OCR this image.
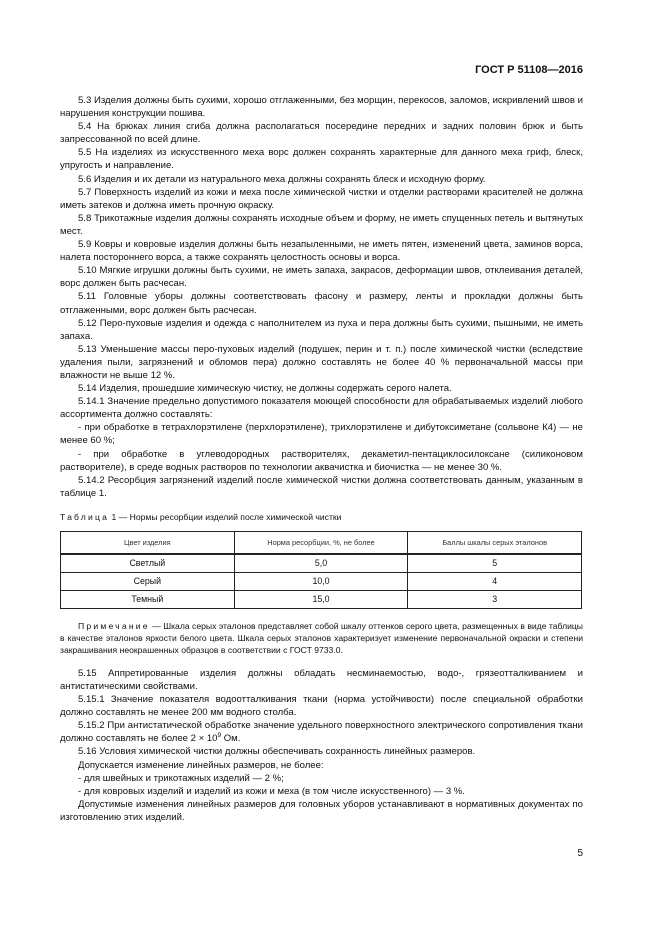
ГОСТ Р 51108—2016

5.3 Изделия должны быть сухими, хорошо отглаженными, без морщин, перекосов, заломов, искривлений швов и нарушения конструкции пошива.

5.4 На брюках линия сгиба должна располагаться посередине передних и задних половин брюк и быть запрессованной по всей длине.

5.5 На изделиях из искусственного меха ворс должен сохранять характерные для данного меха гриф, блеск, упругость и направление.

5.6 Изделия и их детали из натурального меха должны сохранять блеск и исходную форму.

5.7 Поверхность изделий из кожи и меха после химической чистки и отделки растворами красителей не должна иметь затеков и должна иметь прочную окраску.

5.8 Трикотажные изделия должны сохранять исходные объем и форму, не иметь спущенных петель и вытянутых мест.

5.9 Ковры и ковровые изделия должны быть незапыленными, не иметь пятен, изменений цвета, заминов ворса, налета постороннего ворса, а также сохранять целостность основы и ворса.

5.10 Мягкие игрушки должны быть сухими, не иметь запаха, закрасов, деформации швов, отклеивания деталей, ворс должен быть расчесан.

5.11 Головные уборы должны соответствовать фасону и размеру, ленты и прокладки должны быть отглаженными, ворс должен быть расчесан.

5.12 Перо-пуховые изделия и одежда с наполнителем из пуха и пера должны быть сухими, пышными, не иметь запаха.

5.13 Уменьшение массы перо-пуховых изделий (подушек, перин и т. п.) после химической чистки (вследствие удаления пыли, загрязнений и обломов пера) должно составлять не более 40 % первоначальной массы при влажности не выше 12 %.

5.14 Изделия, прошедшие химическую чистку, не должны содержать серого налета.

5.14.1 Значение предельно допустимого показателя моющей способности для обрабатываемых изделий любого ассортимента должно составлять:

- при обработке в тетрахлорэтилене (перхлорэтилене), трихлорэтилене и дибутоксиметане (сольвоне К4) — не менее 60 %;

- при обработке в углеводородных растворителях, декаметил-пентациклосилоксане (силиконовом растворителе), в среде водных растворов по технологии аквачистка и биочистка — не менее 30 %.

5.14.2 Ресорбция загрязнений изделий после химической чистки должна соответствовать данным, указанным в таблице 1.

Таблица 1 — Нормы ресорбции изделий после химической чистки
Цвет изделия	Норма ресорбции, %, не более	Баллы шкалы серых эталонов
Светлый	5,0	5
Серый	10,0	4
Темный	15,0	3
Примечание — Шкала серых эталонов представляет собой шкалу оттенков серого цвета, размещенных в виде таблицы в качестве эталонов яркости белого цвета. Шкала серых эталонов характеризует изменение первоначальной окраски и степени закрашивания неокрашенных образцов в соответствии с ГОСТ 9733.0.

5.15 Аппретированные изделия должны обладать несминаемостью, водо-, грязеотталкиванием и антистатическими свойствами.

5.15.1 Значение показателя водоотталкивания ткани (норма устойчивости) после специальной обработки должно составлять не менее 200 мм водного столба.

5.15.2 При антистатической обработке значение удельного поверхностного электрического сопротивления ткани должно составлять не более $2 \times 10^9$ Ом.

5.16 Условия химической чистки должны обеспечивать сохранность линейных размеров.

Допускается изменение линейных размеров, не более:

- для швейных и трикотажных изделий — 2 %;

- для ковровых изделий и изделий из кожи и меха (в том числе искусственного) — 3 %.

Допустимые изменения линейных размеров для головных уборов устанавливают в нормативных документах по изготовлению этих изделий.

5
